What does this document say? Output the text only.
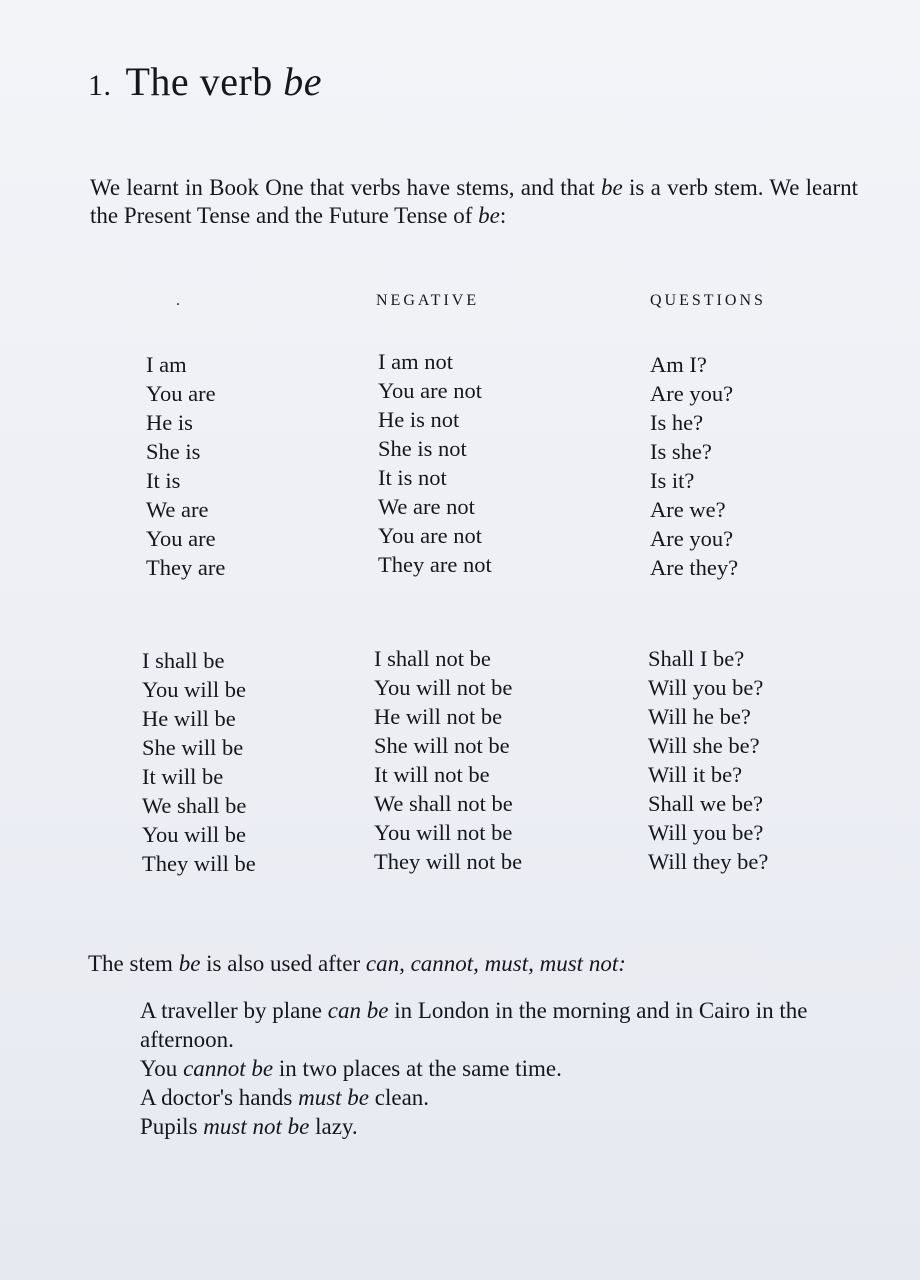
1. The verb be
We learnt in Book One that verbs have stems, and that be is a verb stem. We learnt the Present Tense and the Future Tense of be:
.	NEGATIVE	QUESTIONS
I am
You are
He is
She is
It is
We are
You are
They are
I am not
You are not
He is not
She is not
It is not
We are not
You are not
They are not
Am I?
Are you?
Is he?
Is she?
Is it?
Are we?
Are you?
Are they?
I shall be
You will be
He will be
She will be
It will be
We shall be
You will be
They will be
I shall not be
You will not be
He will not be
She will not be
It will not be
We shall not be
You will not be
They will not be
Shall I be?
Will you be?
Will he be?
Will she be?
Will it be?
Shall we be?
Will you be?
Will they be?
The stem be is also used after can, cannot, must, must not:

A traveller by plane can be in London in the morning and in Cairo in the afternoon.

You cannot be in two places at the same time.

A doctor's hands must be clean.

Pupils must not be lazy.
